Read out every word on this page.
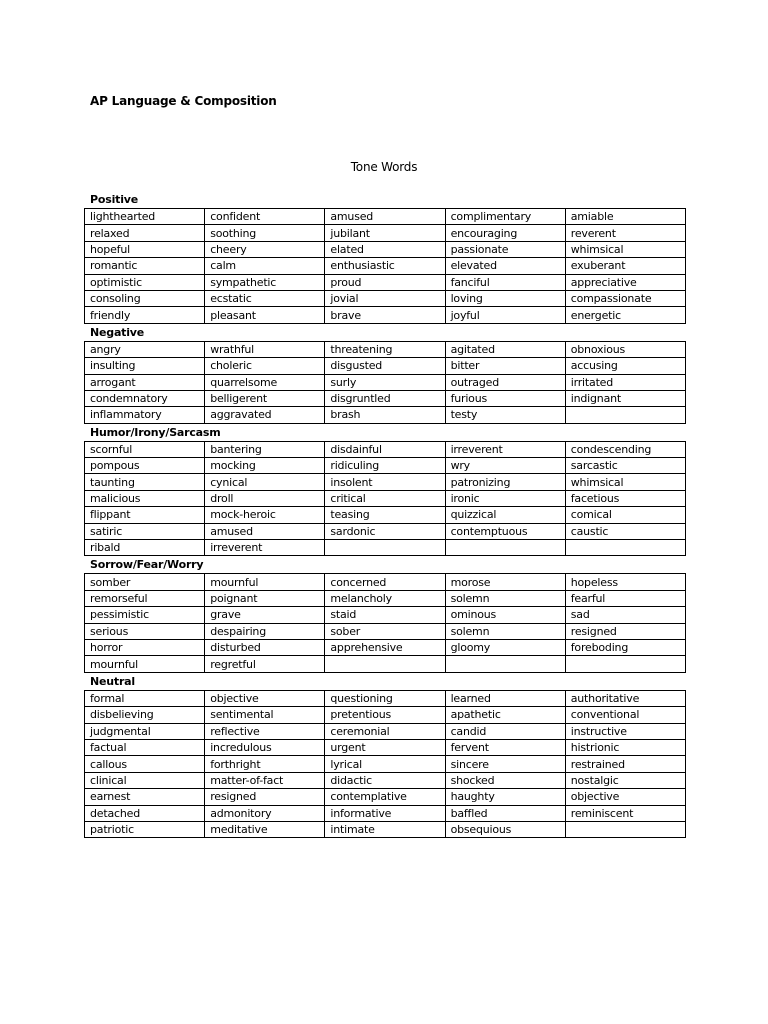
AP Language & Composition
Tone Words
Positive
lighthearted	confident	amused	complimentary	amiable
relaxed	soothing	jubilant	encouraging	reverent
hopeful	cheery	elated	passionate	whimsical
romantic	calm	enthusiastic	elevated	exuberant
optimistic	sympathetic	proud	fanciful	appreciative
consoling	ecstatic	jovial	loving	compassionate
friendly	pleasant	brave	joyful	energetic
Negative
angry	wrathful	threatening	agitated	obnoxious
insulting	choleric	disgusted	bitter	accusing
arrogant	quarrelsome	surly	outraged	irritated
condemnatory	belligerent	disgruntled	furious	indignant
inflammatory	aggravated	brash	testy	
Humor/Irony/Sarcasm
scornful	bantering	disdainful	irreverent	condescending
pompous	mocking	ridiculing	wry	sarcastic
taunting	cynical	insolent	patronizing	whimsical
malicious	droll	critical	ironic	facetious
flippant	mock-heroic	teasing	quizzical	comical
satiric	amused	sardonic	contemptuous	caustic
ribald	irreverent			
Sorrow/Fear/Worry
somber	mournful	concerned	morose	hopeless
remorseful	poignant	melancholy	solemn	fearful
pessimistic	grave	staid	ominous	sad
serious	despairing	sober	solemn	resigned
horror	disturbed	apprehensive	gloomy	foreboding
mournful	regretful			
Neutral
formal	objective	questioning	learned	authoritative
disbelieving	sentimental	pretentious	apathetic	conventional
judgmental	reflective	ceremonial	candid	instructive
factual	incredulous	urgent	fervent	histrionic
callous	forthright	lyrical	sincere	restrained
clinical	matter-of-fact	didactic	shocked	nostalgic
earnest	resigned	contemplative	haughty	objective
detached	admonitory	informative	baffled	reminiscent
patriotic	meditative	intimate	obsequious	
